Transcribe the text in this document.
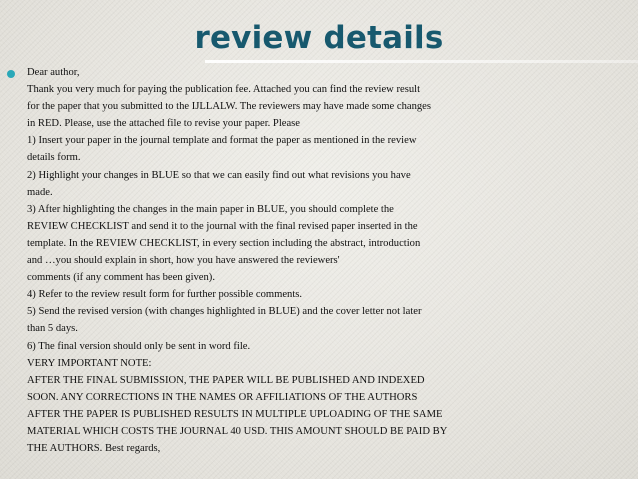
review details
Dear author,
Thank you very much for paying the publication fee. Attached you can find the review result
for the paper that you submitted to the IJLLALW. The reviewers may have made some changes
in RED. Please, use the attached file to revise your paper. Please
1) Insert your paper in the journal template and format the paper as mentioned in the review
details form.
2) Highlight your changes in BLUE so that we can easily find out what revisions you have
made.
3) After highlighting the changes in the main paper in BLUE, you should complete the
REVIEW CHECKLIST and send it to the journal with the final revised paper inserted in the
template. In the REVIEW CHECKLIST, in every section including the abstract, introduction
and …you should explain in short, how you have answered the reviewers'
comments (if any comment has been given).
4) Refer to the review result form for further possible comments.
5) Send the revised version (with changes highlighted in BLUE) and the cover letter not later
than 5 days.
6) The final version should only be sent in word file.
VERY IMPORTANT NOTE:
AFTER THE FINAL SUBMISSION, THE PAPER WILL BE PUBLISHED AND INDEXED
SOON. ANY CORRECTIONS IN THE NAMES OR AFFILIATIONS OF THE AUTHORS
AFTER THE PAPER IS PUBLISHED RESULTS IN MULTIPLE UPLOADING OF THE SAME
MATERIAL WHICH COSTS THE JOURNAL 40 USD. THIS AMOUNT SHOULD BE PAID BY
THE AUTHORS. Best regards,
